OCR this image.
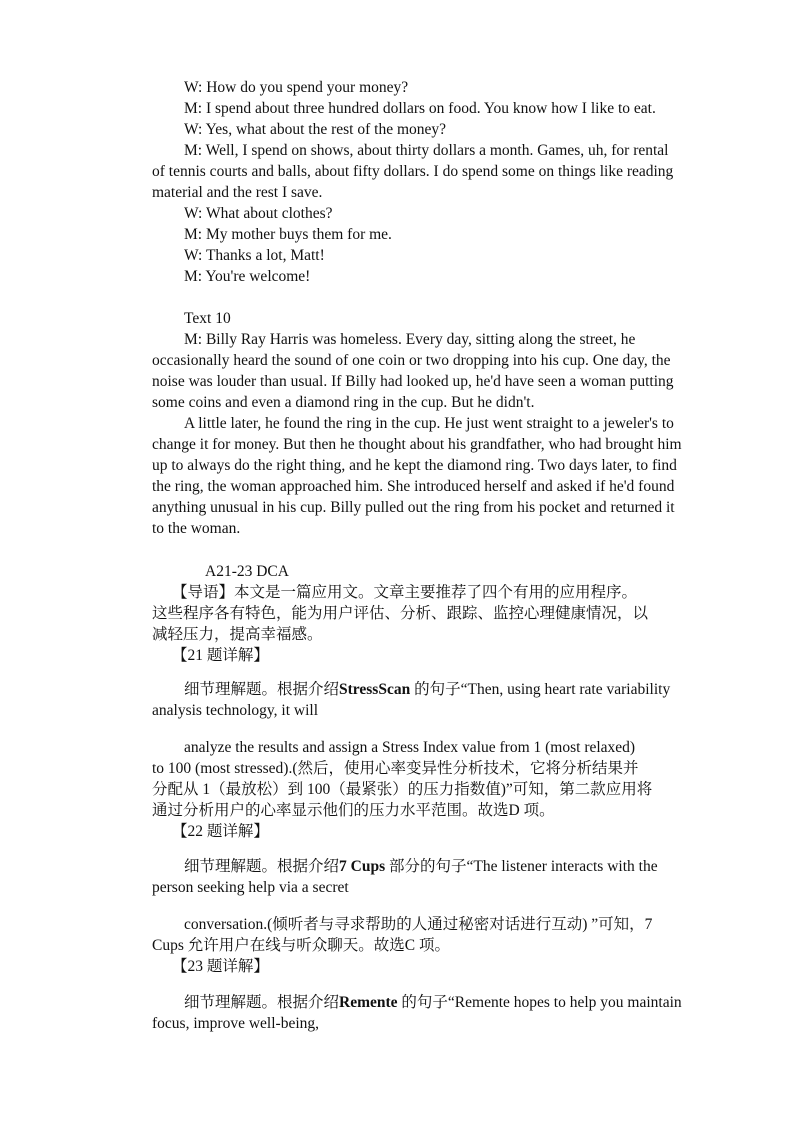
W: How do you spend your money?
M: I spend about three hundred dollars on food. You know how I like to eat.
W: Yes, what about the rest of the money?
M: Well, I spend on shows, about thirty dollars a month. Games, uh, for rental
of tennis courts and balls, about fifty dollars. I do spend some on things like reading
material and the rest I save.
W: What about clothes?
M: My mother buys them for me.
W: Thanks a lot, Matt!
M: You're welcome!
Text 10
M: Billy Ray Harris was homeless. Every day, sitting along the street, he
occasionally heard the sound of one coin or two dropping into his cup. One day, the
noise was louder than usual. If Billy had looked up, he'd have seen a woman putting
some coins and even a diamond ring in the cup. But he didn't.
A little later, he found the ring in the cup. He just went straight to a jeweler's to
change it for money. But then he thought about his grandfather, who had brought him
up to always do the right thing, and he kept the diamond ring. Two days later, to find
the ring, the woman approached him. She introduced herself and asked if he'd found
anything unusual in his cup. Billy pulled out the ring from his pocket and returned it
to the woman.
A21-23 DCA
【导语】本文是一篇应用文。文章主要推荐了四个有用的应用程序。
这些程序各有特色，能为用户评估、分析、跟踪、监控心理健康情况，以
减轻压力，提高幸福感。
【21 题详解】
细节理解题。根据介绍StressScan 的句子“Then, using heart rate variability
analysis technology, it will
analyze the results and assign a Stress Index value from 1 (most relaxed)
to 100 (most stressed).(然后，使用心率变异性分析技术，它将分析结果并
分配从 1（最放松）到 100（最紧张）的压力指数值)”可知，第二款应用将
通过分析用户的心率显示他们的压力水平范围。故选D 项。
【22 题详解】
细节理解题。根据介绍7 Cups 部分的句子“The listener interacts with the
person seeking help via a secret
conversation.(倾听者与寻求帮助的人通过秘密对话进行互动) ”可知，7
Cups 允许用户在线与听众聊天。故选C 项。
【23 题详解】
细节理解题。根据介绍Remente 的句子“Remente hopes to help you maintain
focus, improve well-being,
